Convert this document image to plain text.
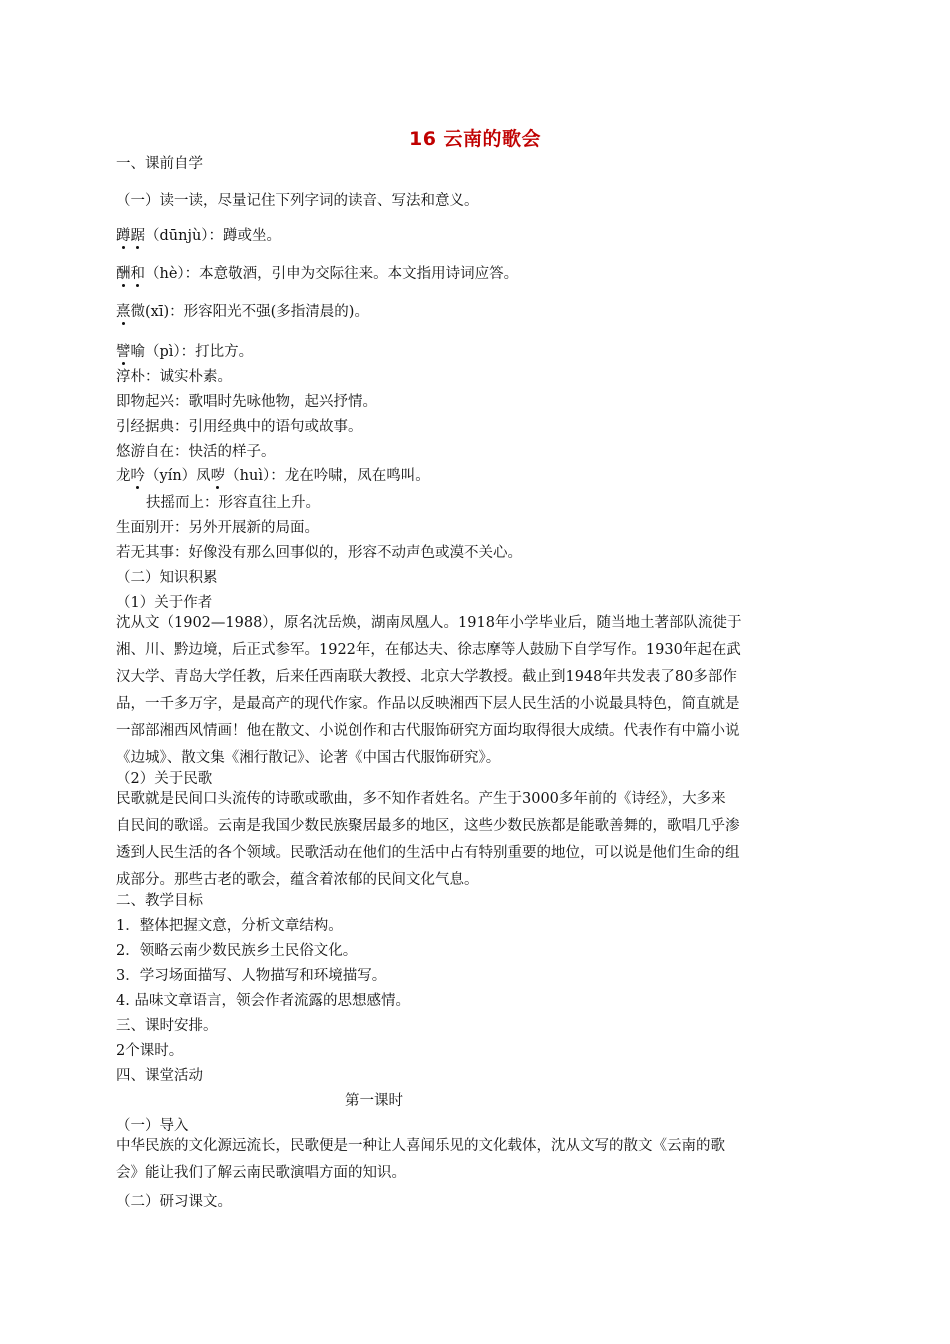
16 云南的歌会
一、课前自学
（一）读一读，尽量记住下列字词的读音、写法和意义。
蹲踞（dūnjù）：蹲或坐。
酬和（hè）：本意敬酒，引申为交际往来。本文指用诗词应答。
熹微(xī)：形容阳光不强(多指清晨的)。
譬喻（pì）：打比方。
淳朴：诚实朴素。
即物起兴：歌唱时先咏他物，起兴抒情。
引经据典：引用经典中的语句或故事。
悠游自在：快活的样子。
龙吟（yín）凤哕（huì）：龙在吟啸，凤在鸣叫。
扶摇而上：形容直往上升。
生面别开：另外开展新的局面。
若无其事：好像没有那么回事似的，形容不动声色或漠不关心。
（二）知识积累
（1）关于作者
沈从文（1902—1988），原名沈岳焕，湖南凤凰人。1918年小学毕业后，随当地土著部队流徙于
湘、川、黔边境，后正式参军。1922年，在郁达夫、徐志摩等人鼓励下自学写作。1930年起在武
汉大学、青岛大学任教，后来任西南联大教授、北京大学教授。截止到1948年共发表了80多部作
品，一千多万字，是最高产的现代作家。作品以反映湘西下层人民生活的小说最具特色，简直就是
一部部湘西风情画！他在散文、小说创作和古代服饰研究方面均取得很大成绩。代表作有中篇小说
《边城》、散文集《湘行散记》、论著《中国古代服饰研究》。
（2）关于民歌
民歌就是民间口头流传的诗歌或歌曲，多不知作者姓名。产生于3000多年前的《诗经》，大多来
自民间的歌谣。云南是我国少数民族聚居最多的地区，这些少数民族都是能歌善舞的，歌唱几乎渗
透到人民生活的各个领域。民歌活动在他们的生活中占有特别重要的地位，可以说是他们生命的组
成部分。那些古老的歌会，蕴含着浓郁的民间文化气息。
二、教学目标
1．整体把握文意，分析文章结构。
2．领略云南少数民族乡土民俗文化。
3．学习场面描写、人物描写和环境描写。
4. 品味文章语言，领会作者流露的思想感情。
三、课时安排。
2个课时。
四、课堂活动
第一课时
（一）导入
中华民族的文化源远流长，民歌便是一种让人喜闻乐见的文化载体，沈从文写的散文《云南的歌
会》能让我们了解云南民歌演唱方面的知识。
（二）研习课文。
